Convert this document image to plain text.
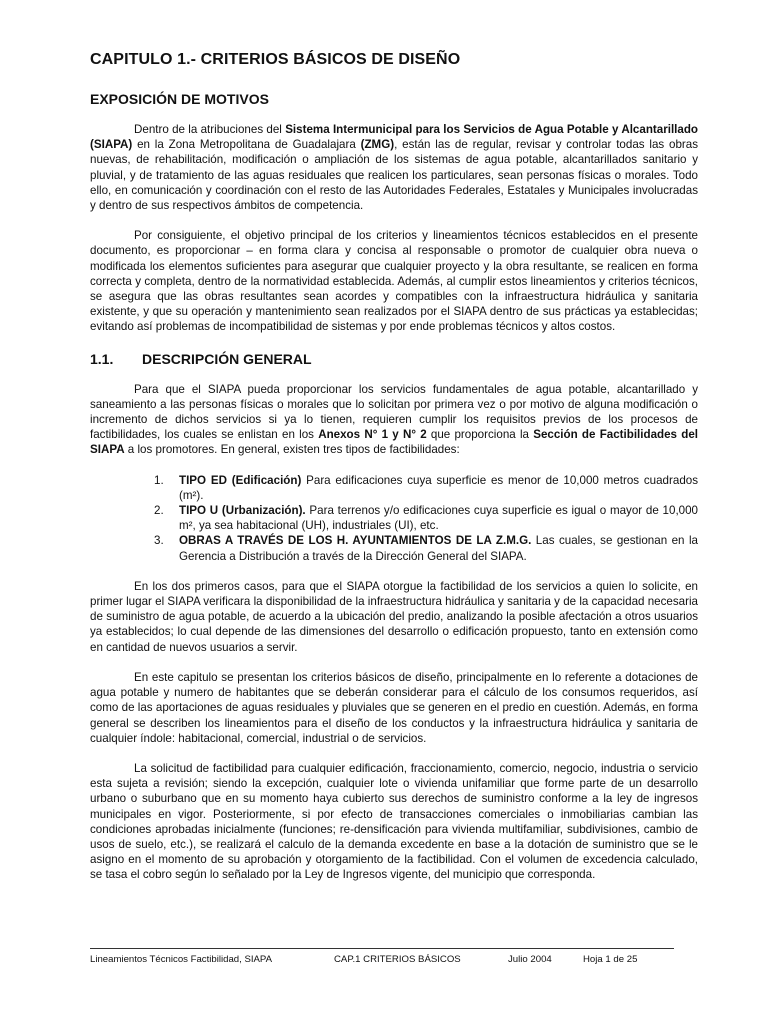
CAPITULO 1.- CRITERIOS BÁSICOS DE DISEÑO
EXPOSICIÓN DE MOTIVOS

Dentro de la atribuciones del Sistema Intermunicipal para los Servicios de Agua Potable y Alcantarillado (SIAPA) en la Zona Metropolitana de Guadalajara (ZMG), están las de regular, revisar y controlar todas las obras nuevas, de rehabilitación, modificación o ampliación de los sistemas de agua potable, alcantarillados sanitario y pluvial, y de tratamiento de las aguas residuales que realicen los particulares, sean personas físicas o morales. Todo ello, en comunicación y coordinación con el resto de las Autoridades Federales, Estatales y Municipales involucradas y dentro de sus respectivos ámbitos de competencia.

Por consiguiente, el objetivo principal de los criterios y lineamientos técnicos establecidos en el presente documento, es proporcionar – en forma clara y concisa al responsable o promotor de cualquier obra nueva o modificada los elementos suficientes para asegurar que cualquier proyecto y la obra resultante, se realicen en forma correcta y completa, dentro de la normatividad establecida. Además, al cumplir estos lineamientos y criterios técnicos, se asegura que las obras resultantes sean acordes y compatibles con la infraestructura hidráulica y sanitaria existente, y que su operación y mantenimiento sean realizados por el SIAPA dentro de sus prácticas ya establecidas; evitando así problemas de incompatibilidad de sistemas y por ende problemas técnicos y altos costos.

1.1.	DESCRIPCIÓN GENERAL

Para que el SIAPA pueda proporcionar los servicios fundamentales de agua potable, alcantarillado y saneamiento a las personas físicas o morales que lo solicitan por primera vez o por motivo de alguna modificación o incremento de dichos servicios si ya lo tienen, requieren cumplir los requisitos previos de los procesos de factibilidades, los cuales se enlistan en los Anexos N° 1 y N° 2 que proporciona la Sección de Factibilidades del SIAPA a los promotores. En general, existen tres tipos de factibilidades:

1. TIPO ED (Edificación) Para edificaciones cuya superficie es menor de 10,000 metros cuadrados (m²).
2. TIPO U (Urbanización). Para terrenos y/o edificaciones cuya superficie es igual o mayor de 10,000 m², ya sea habitacional (UH), industriales (UI), etc.
3. OBRAS A TRAVÉS DE LOS H. AYUNTAMIENTOS DE LA Z.M.G. Las cuales, se gestionan en la Gerencia a Distribución a través de la Dirección General del SIAPA.

En los dos primeros casos, para que el SIAPA otorgue la factibilidad de los servicios a quien lo solicite, en primer lugar el SIAPA verificara la disponibilidad de la infraestructura hidráulica y sanitaria y de la capacidad necesaria de suministro de agua potable, de acuerdo a la ubicación del predio, analizando la posible afectación a otros usuarios ya establecidos; lo cual depende de las dimensiones del desarrollo o edificación propuesto, tanto en extensión como en cantidad de nuevos usuarios a servir.

En este capitulo se presentan los criterios básicos de diseño, principalmente en lo referente a dotaciones de agua potable y numero de habitantes que se deberán considerar para el cálculo de los consumos requeridos, así como de las aportaciones de aguas residuales y pluviales que se generen en el predio en cuestión. Además, en forma general se describen los lineamientos para el diseño de los conductos y la infraestructura hidráulica y sanitaria de cualquier índole: habitacional, comercial, industrial o de servicios.

La solicitud de factibilidad para cualquier edificación, fraccionamiento, comercio, negocio, industria o servicio esta sujeta a revisión; siendo la excepción, cualquier lote o vivienda unifamiliar que forme parte de un desarrollo urbano o suburbano que en su momento haya cubierto sus derechos de suministro conforme a la ley de ingresos municipales en vigor. Posteriormente, si por efecto de transacciones comerciales o inmobiliarias cambian las condiciones aprobadas inicialmente (funciones; re-densificación para vivienda multifamiliar, subdivisiones, cambio de usos de suelo, etc.), se realizará el calculo de la demanda excedente en base a la dotación de suministro que se le asigno en el momento de su aprobación y otorgamiento de la factibilidad. Con el volumen de excedencia calculado, se tasa el cobro según lo señalado por la Ley de Ingresos vigente, del municipio que corresponda.

Lineamientos Técnicos Factibilidad, SIAPA	CAP.1 CRITERIOS BÁSICOS	Julio 2004	Hoja 1 de 25
